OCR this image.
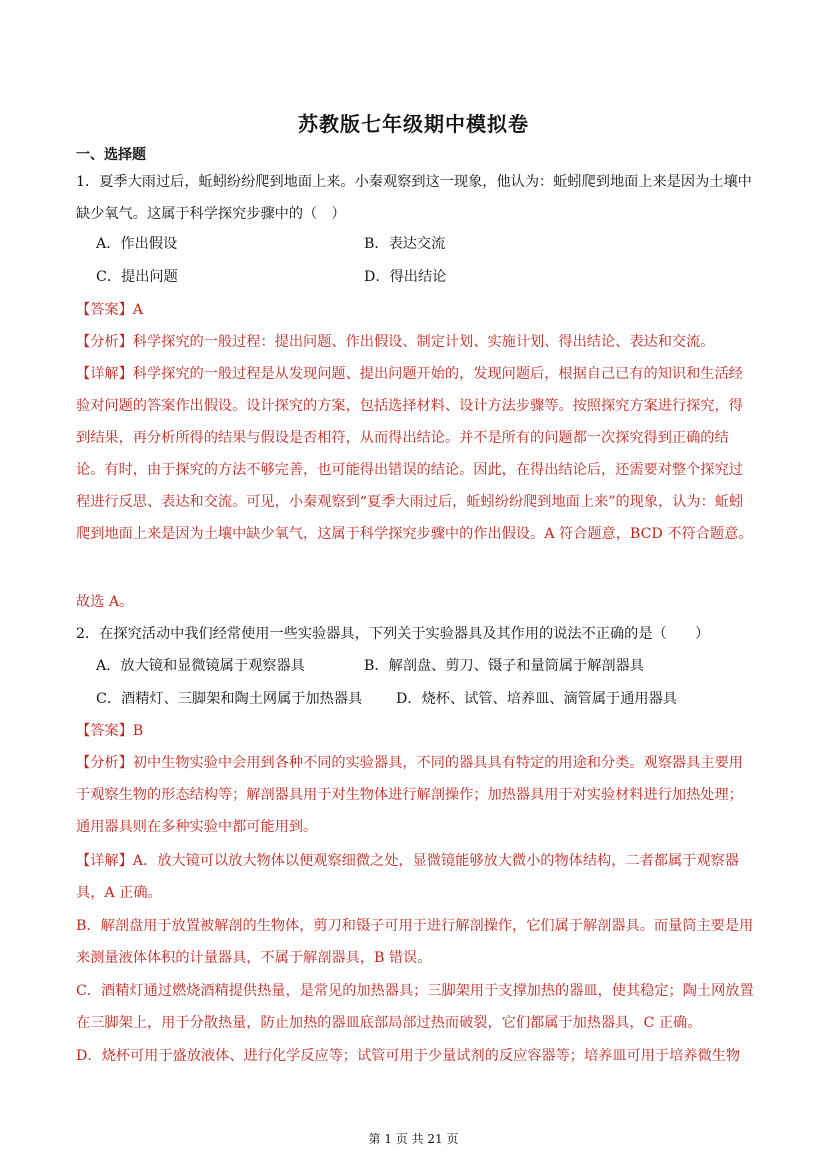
苏教版七年级期中模拟卷
一、选择题
1．夏季大雨过后，蚯蚓纷纷爬到地面上来。小秦观察到这一现象，他认为：蚯蚓爬到地面上来是因为土壤中缺少氧气。这属于科学探究步骤中的（　）
A．作出假设	B．表达交流
C．提出问题	D．得出结论
【答案】A
【分析】科学探究的一般过程：提出问题、作出假设、制定计划、实施计划、得出结论、表达和交流。
【详解】科学探究的一般过程是从发现问题、提出问题开始的，发现问题后，根据自己已有的知识和生活经验对问题的答案作出假设。设计探究的方案，包括选择材料、设计方法步骤等。按照探究方案进行探究，得到结果，再分析所得的结果与假设是否相符，从而得出结论。并不是所有的问题都一次探究得到正确的结论。有时，由于探究的方法不够完善，也可能得出错误的结论。因此，在得出结论后，还需要对整个探究过程进行反思、表达和交流。可见，小秦观察到“夏季大雨过后，蚯蚓纷纷爬到地面上来”的现象，认为：蚯蚓爬到地面上来是因为土壤中缺少氧气，这属于科学探究步骤中的作出假设。A 符合题意，BCD 不符合题意。
故选 A。
2．在探究活动中我们经常使用一些实验器具，下列关于实验器具及其作用的说法不正确的是（　　）
A．放大镜和显微镜属于观察器具	B．解剖盘、剪刀、镊子和量筒属于解剖器具
C．酒精灯、三脚架和陶土网属于加热器具 D．烧杯、试管、培养皿、滴管属于通用器具
【答案】B
【分析】初中生物实验中会用到各种不同的实验器具，不同的器具具有特定的用途和分类。观察器具主要用于观察生物的形态结构等；解剖器具用于对生物体进行解剖操作；加热器具用于对实验材料进行加热处理；通用器具则在多种实验中都可能用到。
【详解】A．放大镜可以放大物体以便观察细微之处，显微镜能够放大微小的物体结构，二者都属于观察器具，A 正确。
B．解剖盘用于放置被解剖的生物体，剪刀和镊子可用于进行解剖操作，它们属于解剖器具。而量筒主要是用来测量液体体积的计量器具，不属于解剖器具，B 错误。
C．酒精灯通过燃烧酒精提供热量，是常见的加热器具；三脚架用于支撑加热的器皿，使其稳定；陶土网放置在三脚架上，用于分散热量，防止加热的器皿底部局部过热而破裂，它们都属于加热器具，C 正确。
D．烧杯可用于盛放液体、进行化学反应等；试管可用于少量试剂的反应容器等；培养皿可用于培养微生物
第 1 页 共 21 页
